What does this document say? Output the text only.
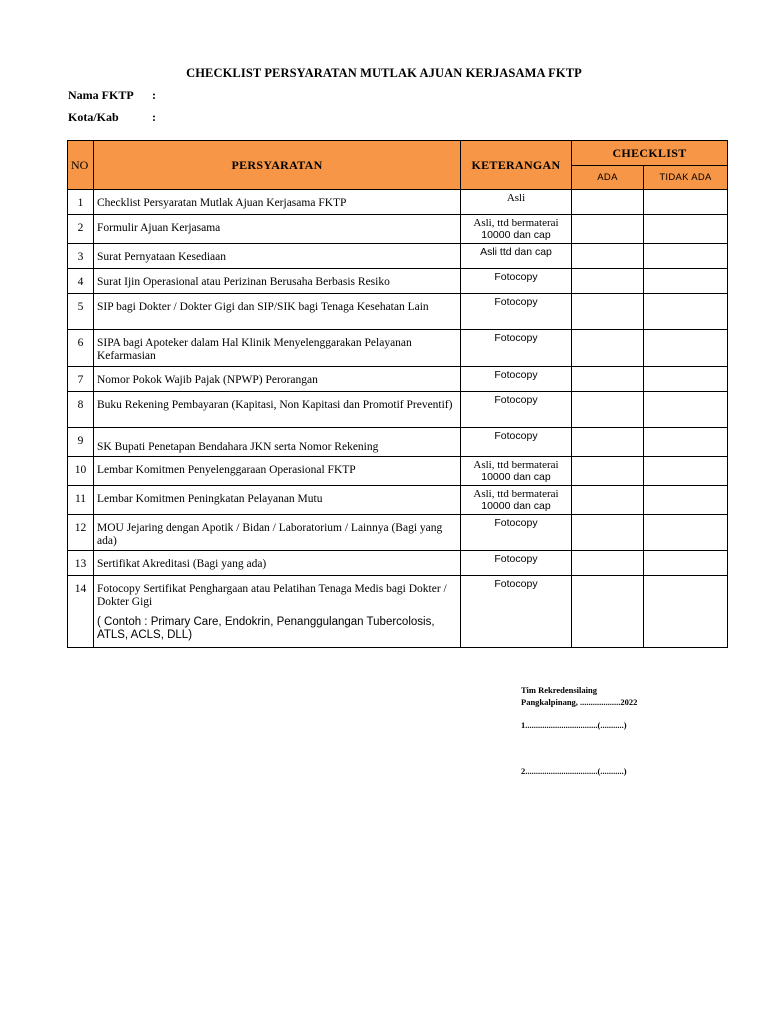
CHECKLIST PERSYARATAN MUTLAK AJUAN KERJASAMA FKTP
Nama FKTP :
Kota/Kab	:
NO	PERSYARATAN	KETERANGAN	CHECKLIST	
			ADA	TIDAK ADA
1	Checklist Persyaratan Mutlak Ajuan Kerjasama FKTP	Asli		
2	Formulir Ajuan Kerjasama	Asli, ttd bermaterai
10000 dan cap		
3	Surat Pernyataan Kesediaan	Asli ttd dan cap		
4	Surat Ijin Operasional atau Perizinan Berusaha Berbasis Resiko	Fotocopy		
5	SIP bagi Dokter / Dokter Gigi dan SIP/SIK bagi Tenaga Kesehatan Lain	Fotocopy		
6	SIPA bagi Apoteker dalam Hal Klinik Menyelenggarakan Pelayanan Kefarmasian	Fotocopy		
7	Nomor Pokok Wajib Pajak (NPWP) Perorangan	Fotocopy		
8	Buku Rekening Pembayaran (Kapitasi, Non Kapitasi dan Promotif Preventif)	Fotocopy		
9	SK Bupati Penetapan Bendahara JKN serta Nomor Rekening	Fotocopy		
10	Lembar Komitmen Penyelenggaraan Operasional FKTP	Asli, ttd bermaterai
10000 dan cap		
11	Lembar Komitmen Peningkatan Pelayanan Mutu	Asli, ttd bermaterai
10000 dan cap		
12	MOU Jejaring dengan Apotik / Bidan / Laboratorium / Lainnya (Bagi yang ada)	Fotocopy		
13	Sertifikat Akreditasi (Bagi yang ada)	Fotocopy		
14	Fotocopy Sertifikat Penghargaan atau Pelatihan Tenaga Medis bagi Dokter / Dokter Gigi
( Contoh : Primary Care, Endokrin, Penanggulangan Tubercolosis, ATLS, ACLS, DLL)	Fotocopy		
Tim Rekredensilaing
Pangkalpinang, ...................2022
1..................................(...........)
2..................................(...........)
